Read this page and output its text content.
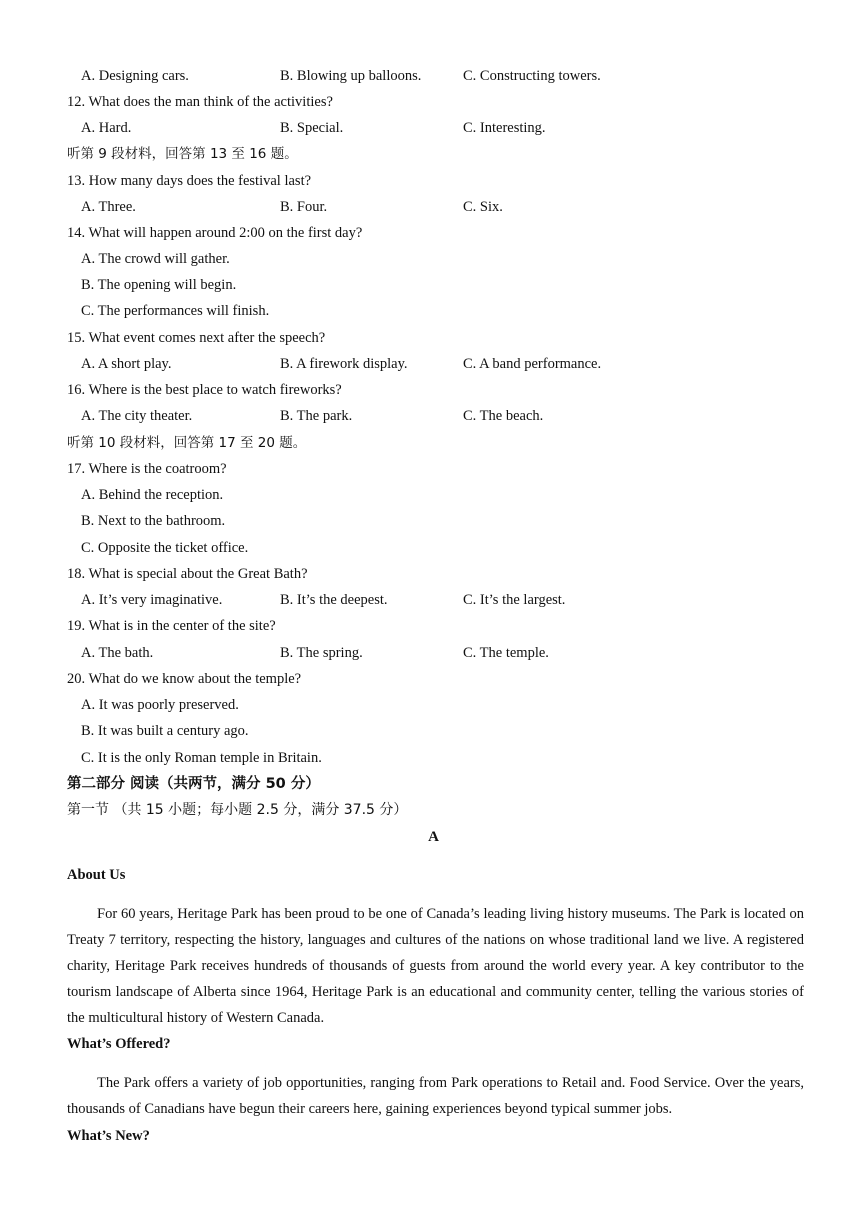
A. Designing cars.	B. Blowing up balloons.	C. Constructing towers.
12. What does the man think of the activities?
A. Hard.	B. Special.	C. Interesting.
听第 9 段材料，回答第 13 至 16 题。
13. How many days does the festival last?
A. Three.	B. Four.	C. Six.
14. What will happen around 2:00 on the first day?
A. The crowd will gather.
B. The opening will begin.
C. The performances will finish.
15. What event comes next after the speech?
A. A short play.	B. A firework display.	C. A band performance.
16. Where is the best place to watch fireworks?
A. The city theater.	B. The park.	C. The beach.
听第 10 段材料，回答第 17 至 20 题。
17. Where is the coatroom?
A. Behind the reception.
B. Next to the bathroom.
C. Opposite the ticket office.
18. What is special about the Great Bath?
A. It’s very imaginative.	B. It’s the deepest.	C. It’s the largest.
19. What is in the center of the site?
A. The bath.	B. The spring.	C. The temple.
20. What do we know about the temple?
A. It was poorly preserved.
B. It was built a century ago.
C. It is the only Roman temple in Britain.
第二部分 阅读（共两节，满分 50 分）
第一节 （共 15 小题；每小题 2.5 分，满分 37.5 分）
A
About Us

For 60 years, Heritage Park has been proud to be one of Canada’s leading living history museums. The Park is located on Treaty 7 territory, respecting the history, languages and cultures of the nations on whose traditional land we live. A registered charity, Heritage Park receives hundreds of thousands of guests from around the world every year. A key contributor to the tourism landscape of Alberta since 1964, Heritage Park is an educational and community center, telling the various stories of the multicultural history of Western Canada.

What’s Offered?

The Park offers a variety of job opportunities, ranging from Park operations to Retail and. Food Service. Over the years, thousands of Canadians have begun their careers here, gaining experiences beyond typical summer jobs.

What’s New?
